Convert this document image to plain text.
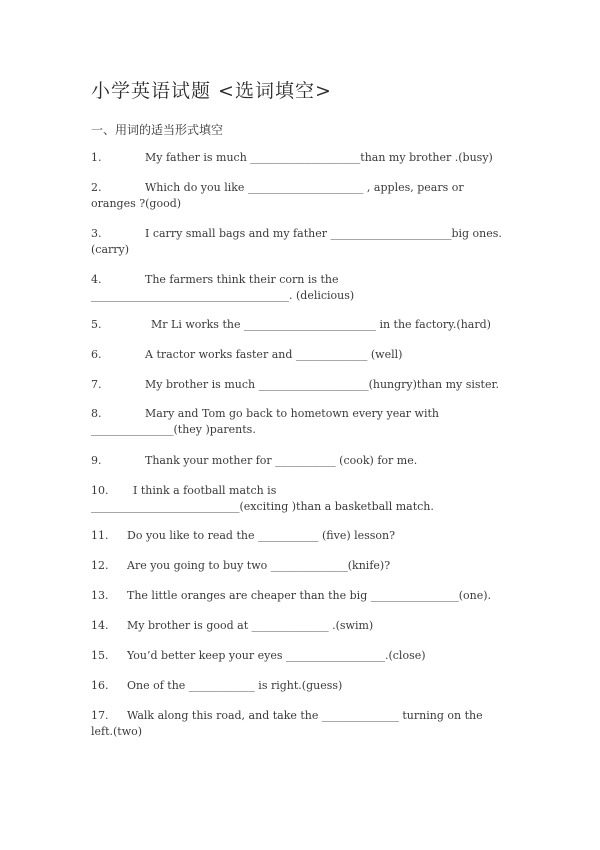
小学英语试题 <选词填空>
一、用词的适当形式填空
1.	My father is much ____________________than my brother .(busy)
2.	Which do you like _____________________ , apples, pears or
oranges ?(good)
3.	I carry small bags and my father ______________________big ones.
(carry)
4.	The farmers think their corn is the
____________________________________. (delicious)
5.	Mr Li works the ________________________ in the factory.(hard)
6.	A tractor works faster and _____________ (well)
7.	My brother is much ____________________(hungry)than my sister.
8.	Mary and Tom go back to hometown every year with
_______________(they )parents.
9.	Thank your mother for ___________ (cook) for me.
10. I think a football match is
___________________________(exciting )than a basketball match.
11. Do you like to read the ___________ (five) lesson?
12. Are you going to buy two ______________(knife)?
13. The little oranges are cheaper than the big ________________(one).
14. My brother is good at ______________ .(swim)
15. You’d better keep your eyes __________________.(close)
16. One of the ____________ is right.(guess)
17. Walk along this road, and take the ______________ turning on the
left.(two)
